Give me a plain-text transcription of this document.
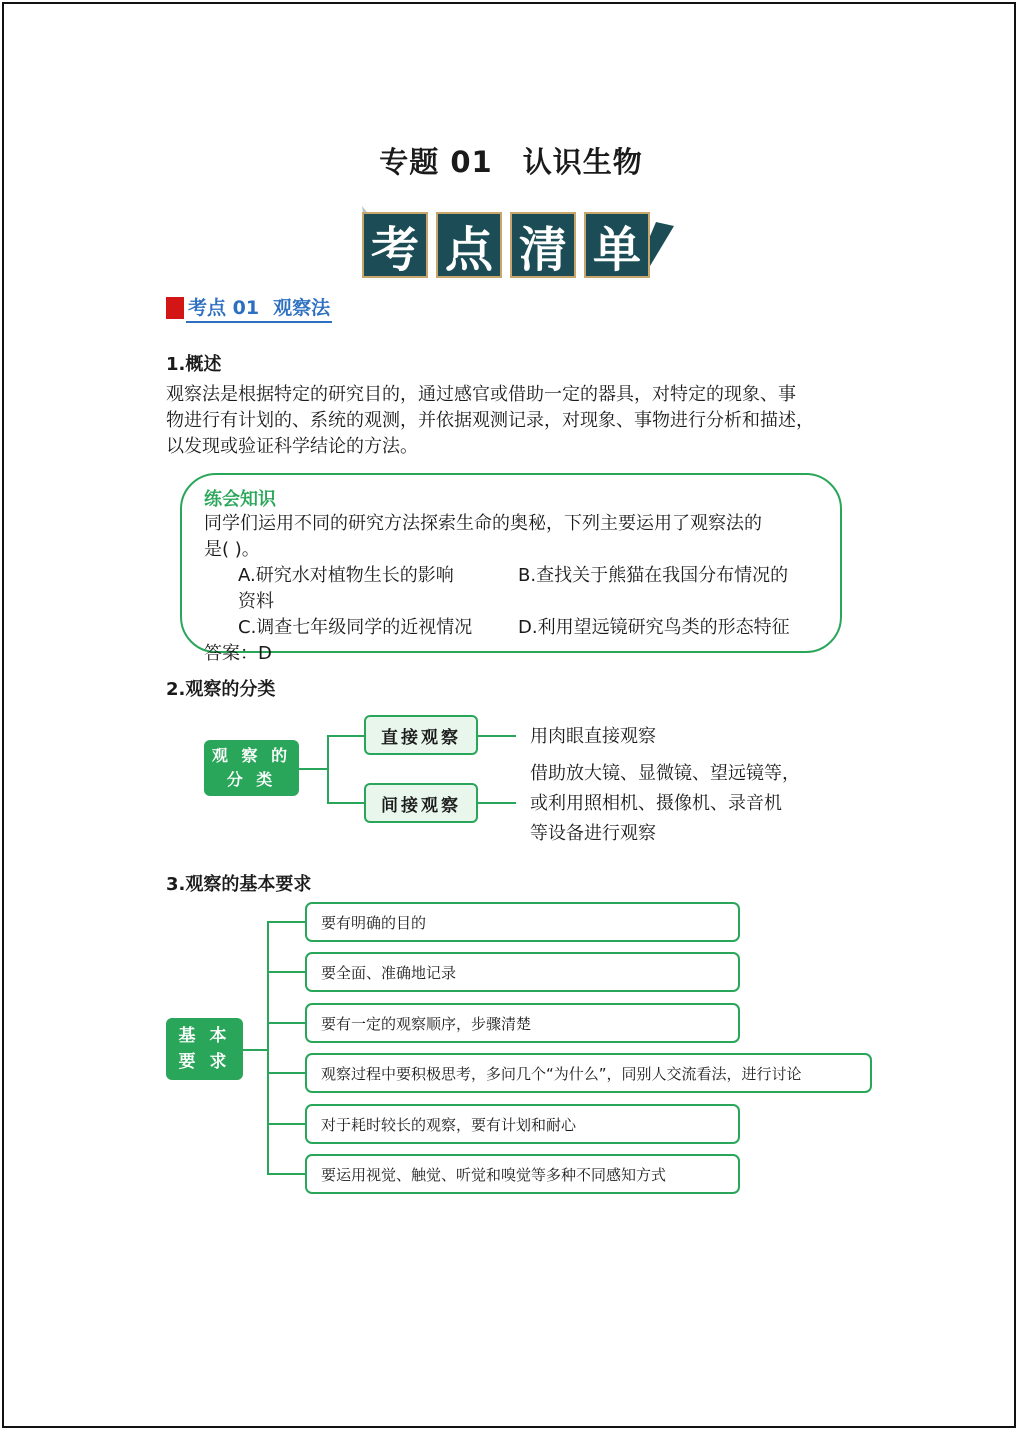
专题 01　认识生物
考 点 清 单
考点 01 观察法
1.概述
观察法是根据特定的研究目的，通过感官或借助一定的器具，对特定的现象、事
物进行有计划的、系统的观测，并依据观测记录，对现象、事物进行分析和描述，
以发现或验证科学结论的方法。
练会知识
同学们运用不同的研究方法探索生命的奥秘，下列主要运用了观察法的
是( )。
A.研究水对植物生长的影响	B.查找关于熊猫在我国分布情况的
资料
C.调查七年级同学的近视情况	D.利用望远镜研究鸟类的形态特征
答案：D
2.观察的分类
观 察 的
分 类
直接观察	用肉眼直接观察
间接观察
借助放大镜、显微镜、望远镜等，
或利用照相机、摄像机、录音机
等设备进行观察
3.观察的基本要求
基 本
要 求
要有明确的目的
要全面、准确地记录
要有一定的观察顺序，步骤清楚
观察过程中要积极思考，多问几个“为什么”，同别人交流看法，进行讨论
对于耗时较长的观察，要有计划和耐心
要运用视觉、触觉、听觉和嗅觉等多种不同感知方式
